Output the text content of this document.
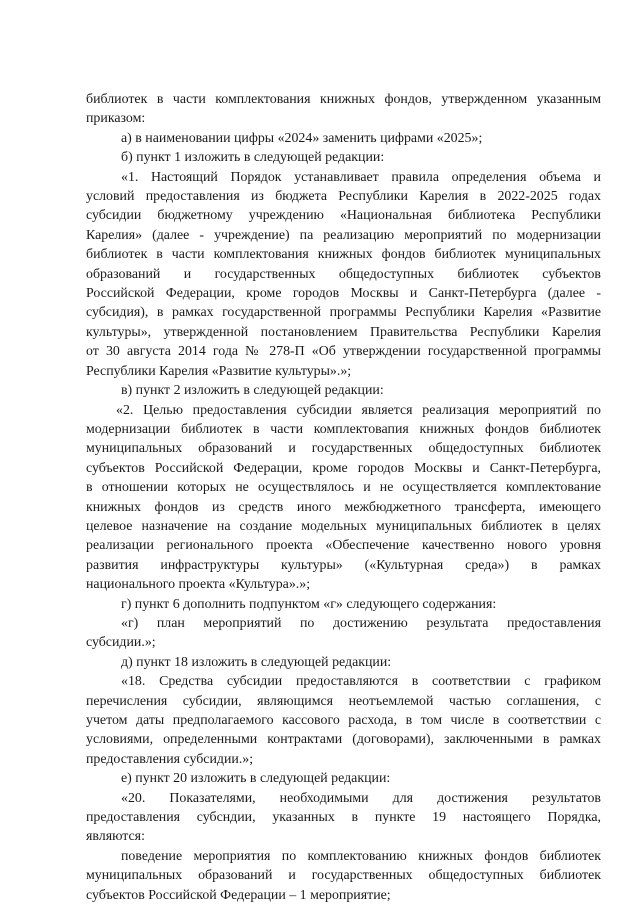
библиотек в части комплектования книжных фондов, утвержденном указанным
приказом:
а) в наименовании цифры «2024» заменить цифрами «2025»;
б) пункт 1 изложить в следующей редакции:
«1. Настоящий Порядок устанавливает правила определения объема и
условий предоставления из бюджета Республики Карелия в 2022-2025 годах
субсидии бюджетному учреждению «Национальная библиотека Республики
Карелия» (далее - учреждение) па реализацию мероприятий по модернизации
библиотек в части комплектования книжных фондов библиотек муниципальных
образований и государственных общедоступных библиотек субъектов
Российской Федерации, кроме городов Москвы и Санкт-Петербурга (далее -
субсидия), в рамках государственной программы Республики Карелия «Развитие
культуры», утвержденной постановлением Правительства Республики Карелия
от 30 августа 2014 года № 278-П «Об утверждении государственной программы
Республики Карелия «Развитие культуры».»;
в) пункт 2 изложить в следующей редакции:
«2. Целью предоставления субсидии является реализация мероприятий по
модернизации библиотек в части комплектовапия книжных фондов библиотек
муниципальных образований и государственных общедоступных библиотек
субъектов Российской Федерации, кроме городов Москвы и Санкт-Петербурга,
в отношении которых не осуществлялось и не осуществляется комплектование
книжных фондов из средств иного межбюджетного трансферта, имеющего
целевое назначение на создание модельных муниципальных библиотек в целях
реализации регионального проекта «Обеспечение качественно нового уровня
развития инфраструктуры культуры» («Культурная среда») в рамках
национального проекта «Культура».»;
г) пункт 6 дополнить подпунктом «г» следующего содержания:
«г) план мероприятий по достижению результата предоставления
субсидии.»;
д) пункт 18 изложить в следующей редакции:
«18. Средства субсидии предоставляются в соответствии с графиком
перечисления субсидии, являющимся неотъемлемой частью соглашения, с
учетом даты предполагаемого кассового расхода, в том числе в соответствии с
условиями, определенными контрактами (договорами), заключенными в рамках
предоставления субсидии.»;
е) пункт 20 изложить в следующей редакции:
«20. Показателями, необходимыми для достижения результатов
предоставления субсндии, указанных в пункте 19 настоящего Порядка,
являются:
поведение мероприятия по комплектованию книжных фондов библиотек
муниципальных образований и государственных общедоступных библиотек
субъектов Российской Федерации – 1 мероприятие;
